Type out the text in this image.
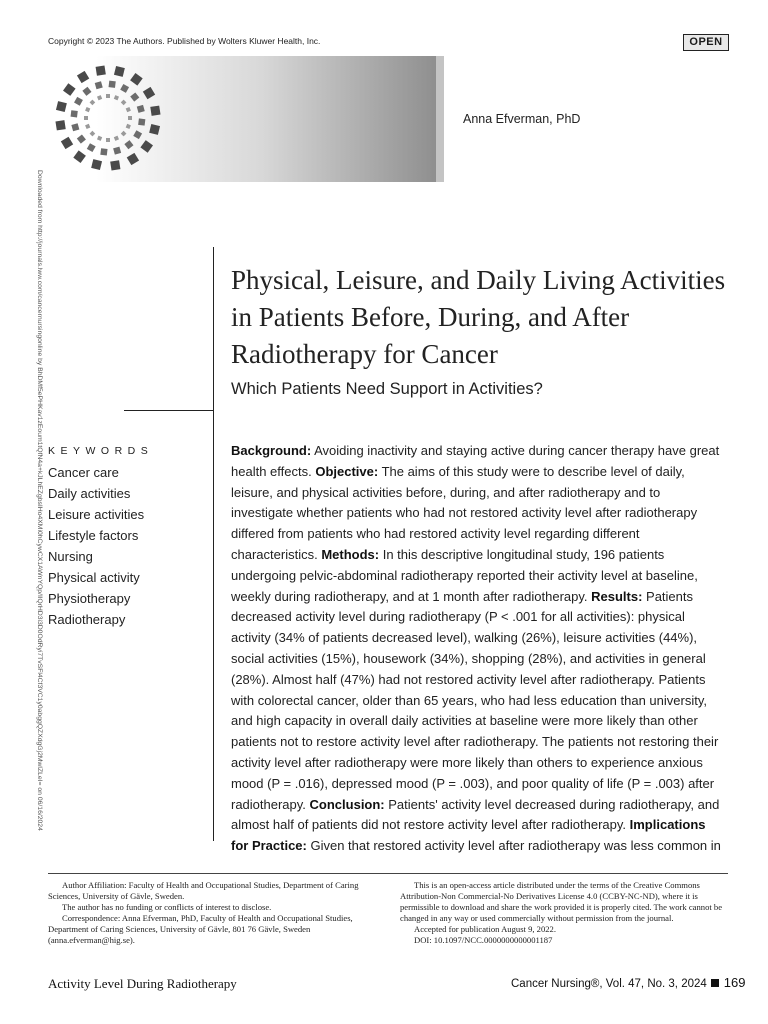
Copyright © 2023 The Authors. Published by Wolters Kluwer Health, Inc.	OPEN
Downloaded from http://journals.lww.com/cancernursingonline by BhDMf5ePHKav1zEoum1tQfN4a+kJLhEZgbsIHo4XMi0hCywCX1AWnYQp/IlQrHD3i3D0OdRyi7TvSFl4Cf3VC1y0abggQZXdgGj2MwlZLeI= on 06/16/2024
Anna Efverman, PhD
Physical, Leisure, and Daily Living Activities
in Patients Before, During, and After
Radiotherapy for Cancer
Which Patients Need Support in Activities?
KEYWORDS
Cancer care
Daily activities
Leisure activities
Lifestyle factors
Nursing
Physical activity
Physiotherapy
Radiotherapy
Background: Avoiding inactivity and staying active during cancer therapy have great health effects. Objective: The aims of this study were to describe level of daily, leisure, and physical activities before, during, and after radiotherapy and to investigate whether patients who had not restored activity level after radiotherapy differed from patients who had restored activity level regarding different characteristics. Methods: In this descriptive longitudinal study, 196 patients undergoing pelvic-abdominal radiotherapy reported their activity level at baseline, weekly during radiotherapy, and at 1 month after radiotherapy. Results: Patients decreased activity level during radiotherapy (P < .001 for all activities): physical activity (34% of patients decreased level), walking (26%), leisure activities (44%), social activities (15%), housework (34%), shopping (28%), and activities in general (28%). Almost half (47%) had not restored activity level after radiotherapy. Patients with colorectal cancer, older than 65 years, who had less education than university, and high capacity in overall daily activities at baseline were more likely than other patients not to restore activity level after radiotherapy. The patients not restoring their activity level after radiotherapy were more likely than others to experience anxious mood (P = .016), depressed mood (P = .003), and poor quality of life (P = .003) after radiotherapy. Conclusion: Patients' activity level decreased during radiotherapy, and almost half of patients did not restore activity level after radiotherapy. Implications for Practice: Given that restored activity level after radiotherapy was less common in

Author Affiliation: Faculty of Health and Occupational Studies, Department of Caring Sciences, University of Gävle, Sweden.

The author has no funding or conflicts of interest to disclose.

Correspondence: Anna Efverman, PhD, Faculty of Health and Occupational Studies, Department of Caring Sciences, University of Gävle, 801 76 Gävle, Sweden (anna.efverman@hig.se).

This is an open-access article distributed under the terms of the Creative Commons Attribution-Non Commercial-No Derivatives License 4.0 (CCBY-NC-ND), where it is permissible to download and share the work provided it is properly cited. The work cannot be changed in any way or used commercially without permission from the journal.

Accepted for publication August 9, 2022.

DOI: 10.1097/NCC.0000000000001187

Activity Level During Radiotherapy	Cancer Nursing®, Vol. 47, No. 3, 2024 169
